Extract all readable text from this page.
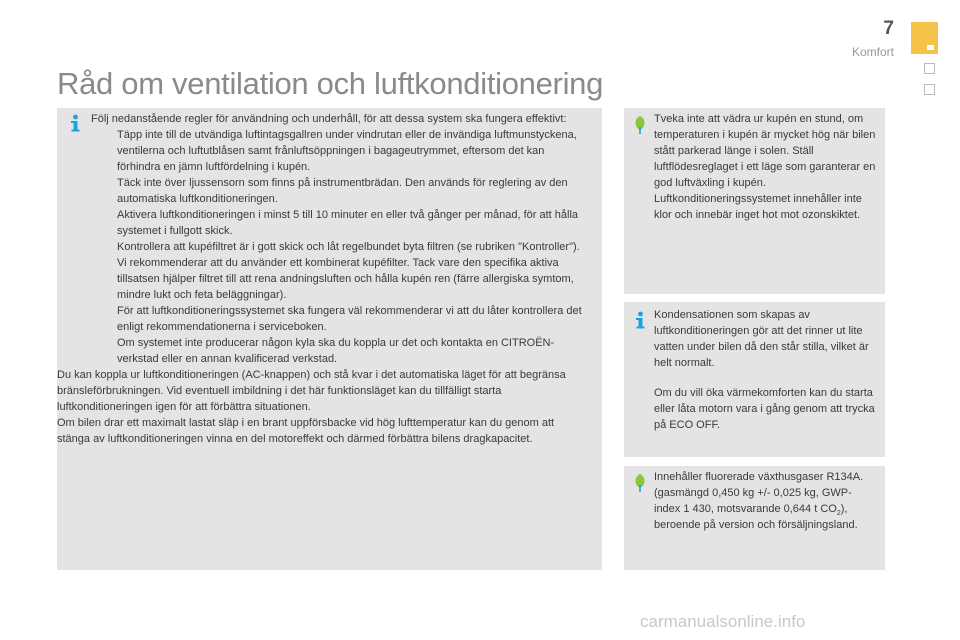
7
Komfort
Råd om ventilation och luftkonditionering

Följ nedanstående regler för användning och underhåll, för att dessa system ska fungera effektivt:

Täpp inte till de utvändiga luftintagsgallren under vindrutan eller de invändiga luftmunstyckena, ventilerna och luftutblåsen samt frånluftsöppningen i bagageutrymmet, eftersom det kan förhindra en jämn luftfördelning i kupén.
Täck inte över ljussensorn som finns på instrumentbrädan. Den används för reglering av den automatiska luftkonditioneringen.
Aktivera luftkonditioneringen i minst 5 till 10 minuter en eller två gånger per månad, för att hålla systemet i fullgott skick.
Kontrollera att kupéfiltret är i gott skick och låt regelbundet byta filtren (se rubriken "Kontroller").

Vi rekommenderar att du använder ett kombinerat kupéfilter. Tack vare den specifika aktiva tillsatsen hjälper filtret till att rena andningsluften och hålla kupén ren (färre allergiska symtom, mindre lukt och feta beläggningar).

För att luftkonditioneringssystemet ska fungera väl rekommenderar vi att du låter kontrollera det enligt rekommendationerna i serviceboken.
Om systemet inte producerar någon kyla ska du koppla ur det och kontakta en CITROËN-verkstad eller en annan kvalificerad verkstad.

Du kan koppla ur luftkonditioneringen (AC-knappen) och stå kvar i det automatiska läget för att begränsa bränsleförbrukningen. Vid eventuell imbildning i det här funktionsläget kan du tillfälligt starta luftkonditioneringen igen för att förbättra situationen.

Om bilen drar ett maximalt lastat släp i en brant uppförsbacke vid hög lufttemperatur kan du genom att stänga av luftkonditioneringen vinna en del motoreffekt och därmed förbättra bilens dragkapacitet.

Tveka inte att vädra ur kupén en stund, om temperaturen i kupén är mycket hög när bilen stått parkerad länge i solen. Ställ luftflödesreglaget i ett läge som garanterar en god luftväxling i kupén. Luftkonditioneringssystemet innehåller inte klor och innebär inget hot mot ozonskiktet.

Kondensationen som skapas av luftkonditioneringen gör att det rinner ut lite vatten under bilen då den står stilla, vilket är helt normalt.

Om du vill öka värmekomforten kan du starta eller låta motorn vara i gång genom att trycka på ECO OFF.

Innehåller fluorerade växthusgaser R134A. (gasmängd 0,450 kg +/- 0,025 kg, GWP-index 1 430, motsvarande 0,644 t $CO_2$), beroende på version och försäljningsland.
carmanualsonline.info
